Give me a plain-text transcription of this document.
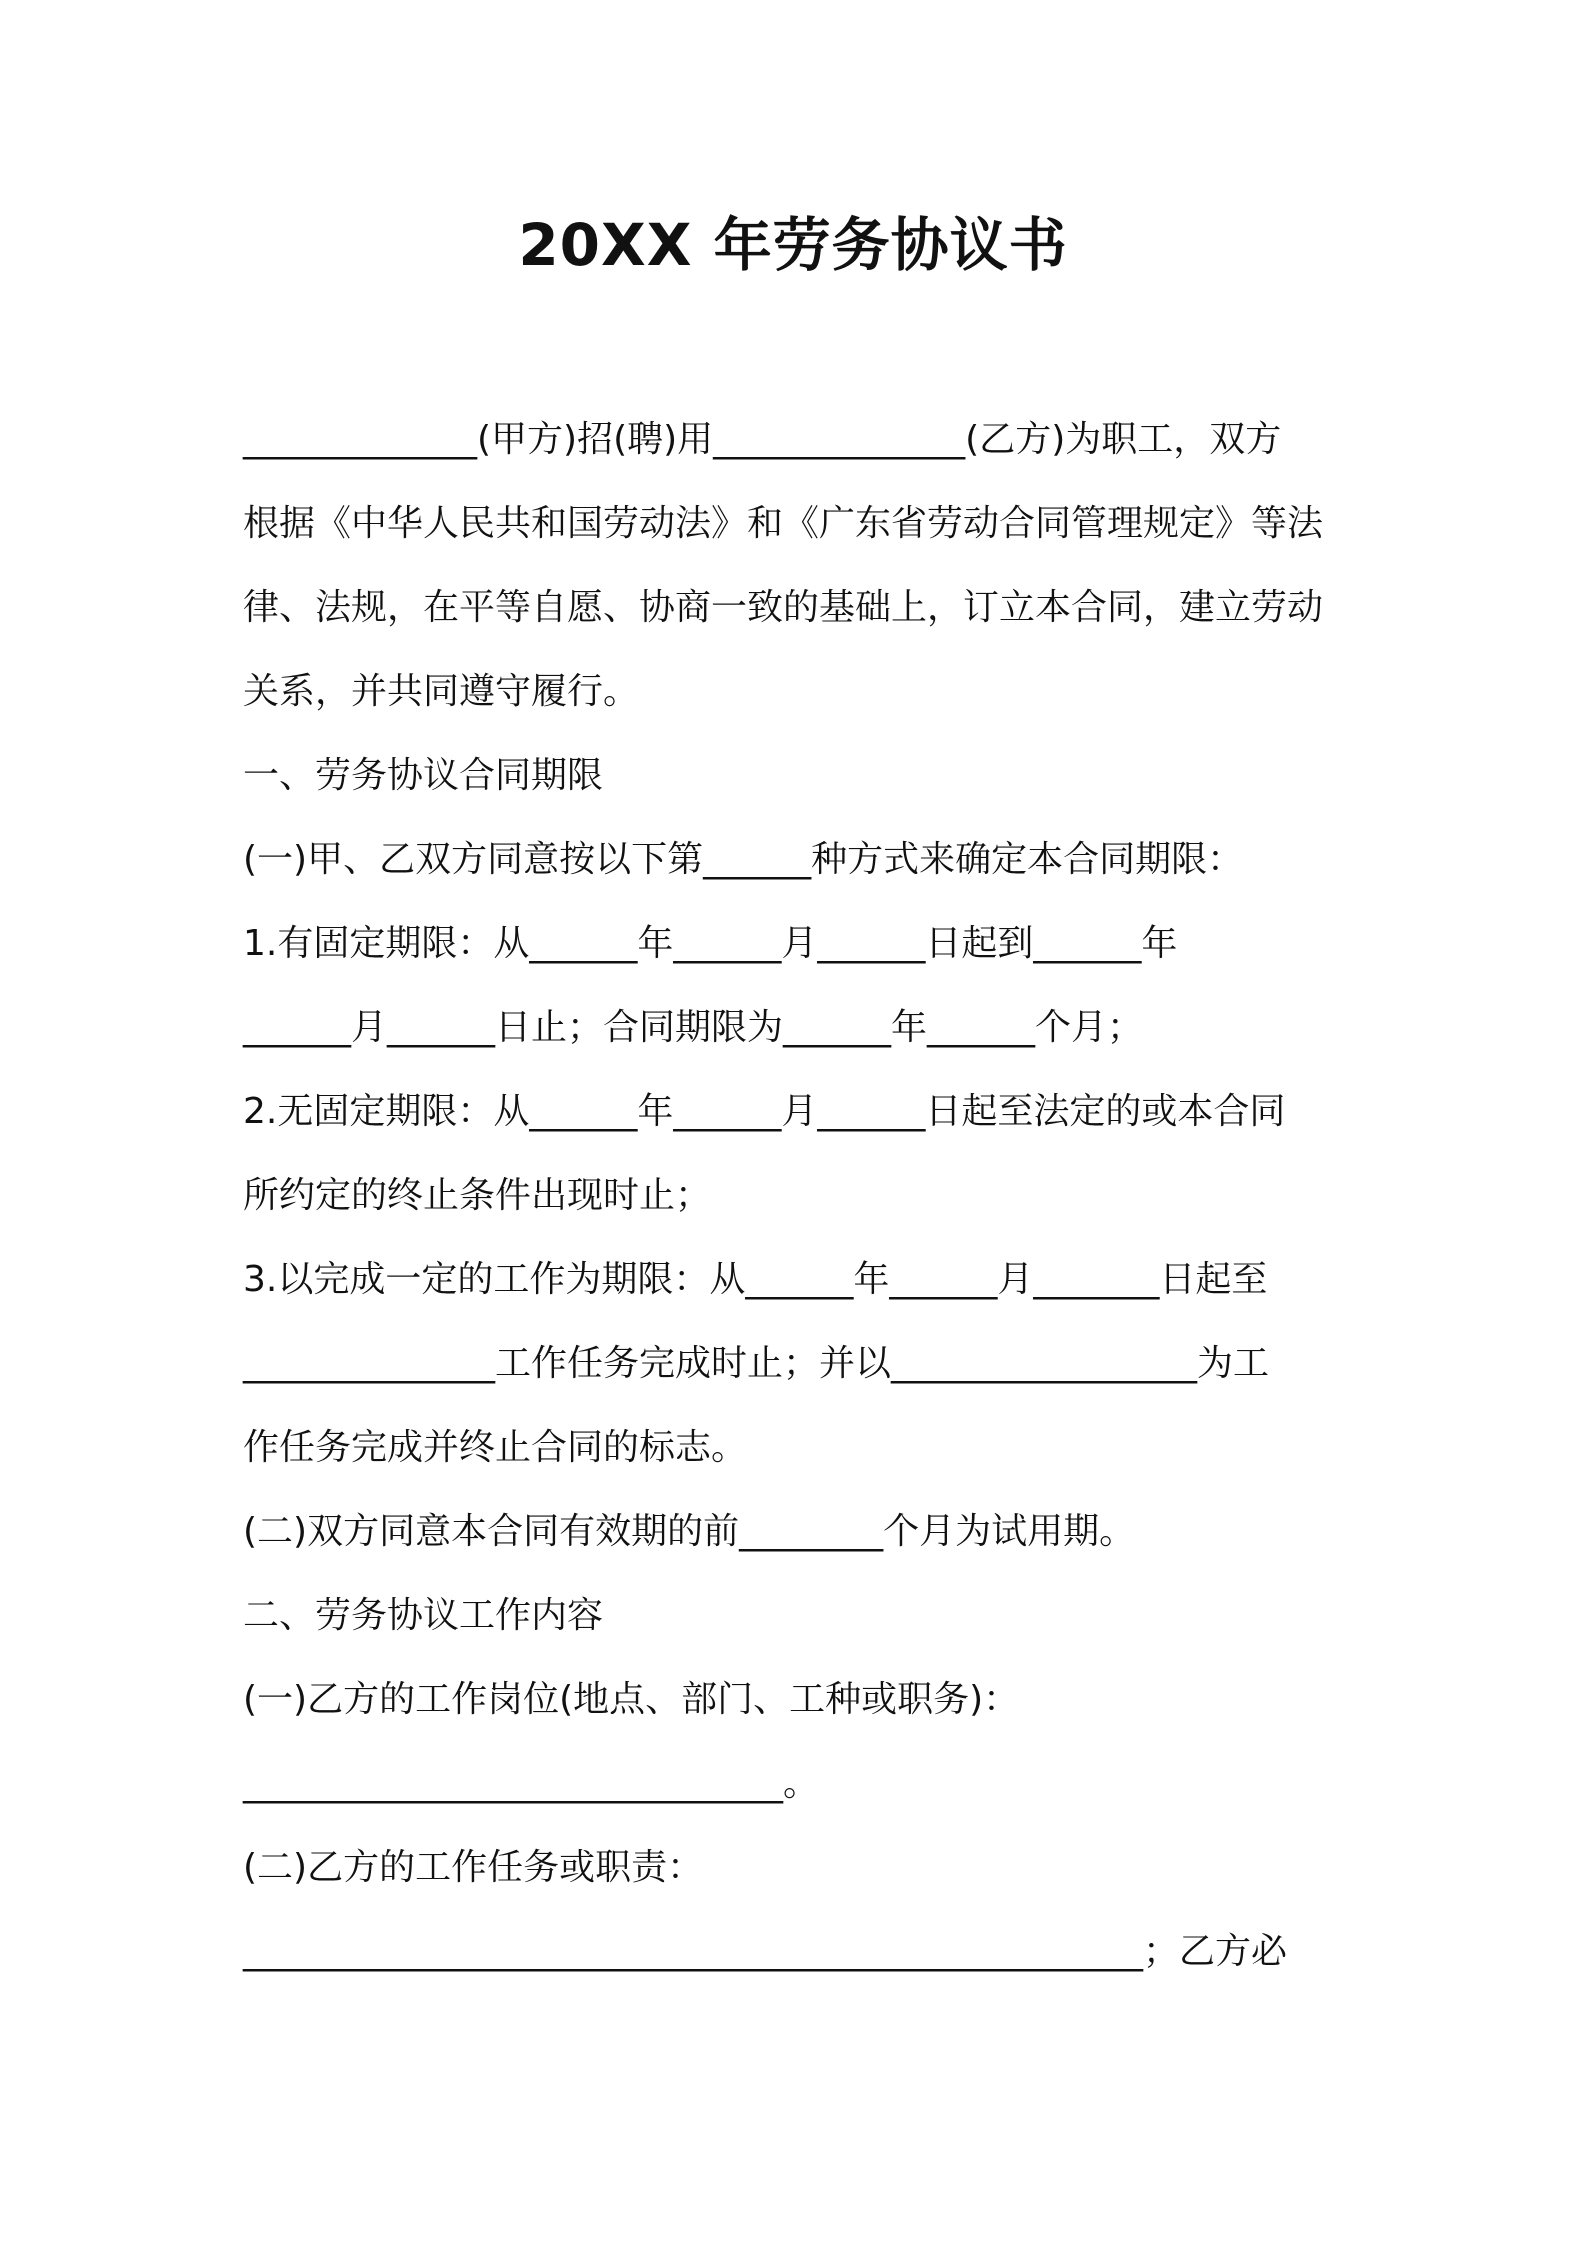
20XX 年劳务协议书

_____________(甲方)招(聘)用______________(乙方)为职工，双方

根据《中华人民共和国劳动法》和《广东省劳动合同管理规定》等法

律、法规，在平等自愿、协商一致的基础上，订立本合同，建立劳动

关系，并共同遵守履行。

一、劳务协议合同期限

(一)甲、乙双方同意按以下第______种方式来确定本合同期限：

1.有固定期限：从______年______月______日起到______年

______月______日止；合同期限为______年______个月；

2.无固定期限：从______年______月______日起至法定的或本合同

所约定的终止条件出现时止；

3.以完成一定的工作为期限：从______年______月_______日起至

______________工作任务完成时止；并以_________________为工

作任务完成并终止合同的标志。

(二)双方同意本合同有效期的前________个月为试用期。

二、劳务协议工作内容

(一)乙方的工作岗位(地点、部门、工种或职务)：

______________________________。

(二)乙方的工作任务或职责：

__________________________________________________；乙方必
